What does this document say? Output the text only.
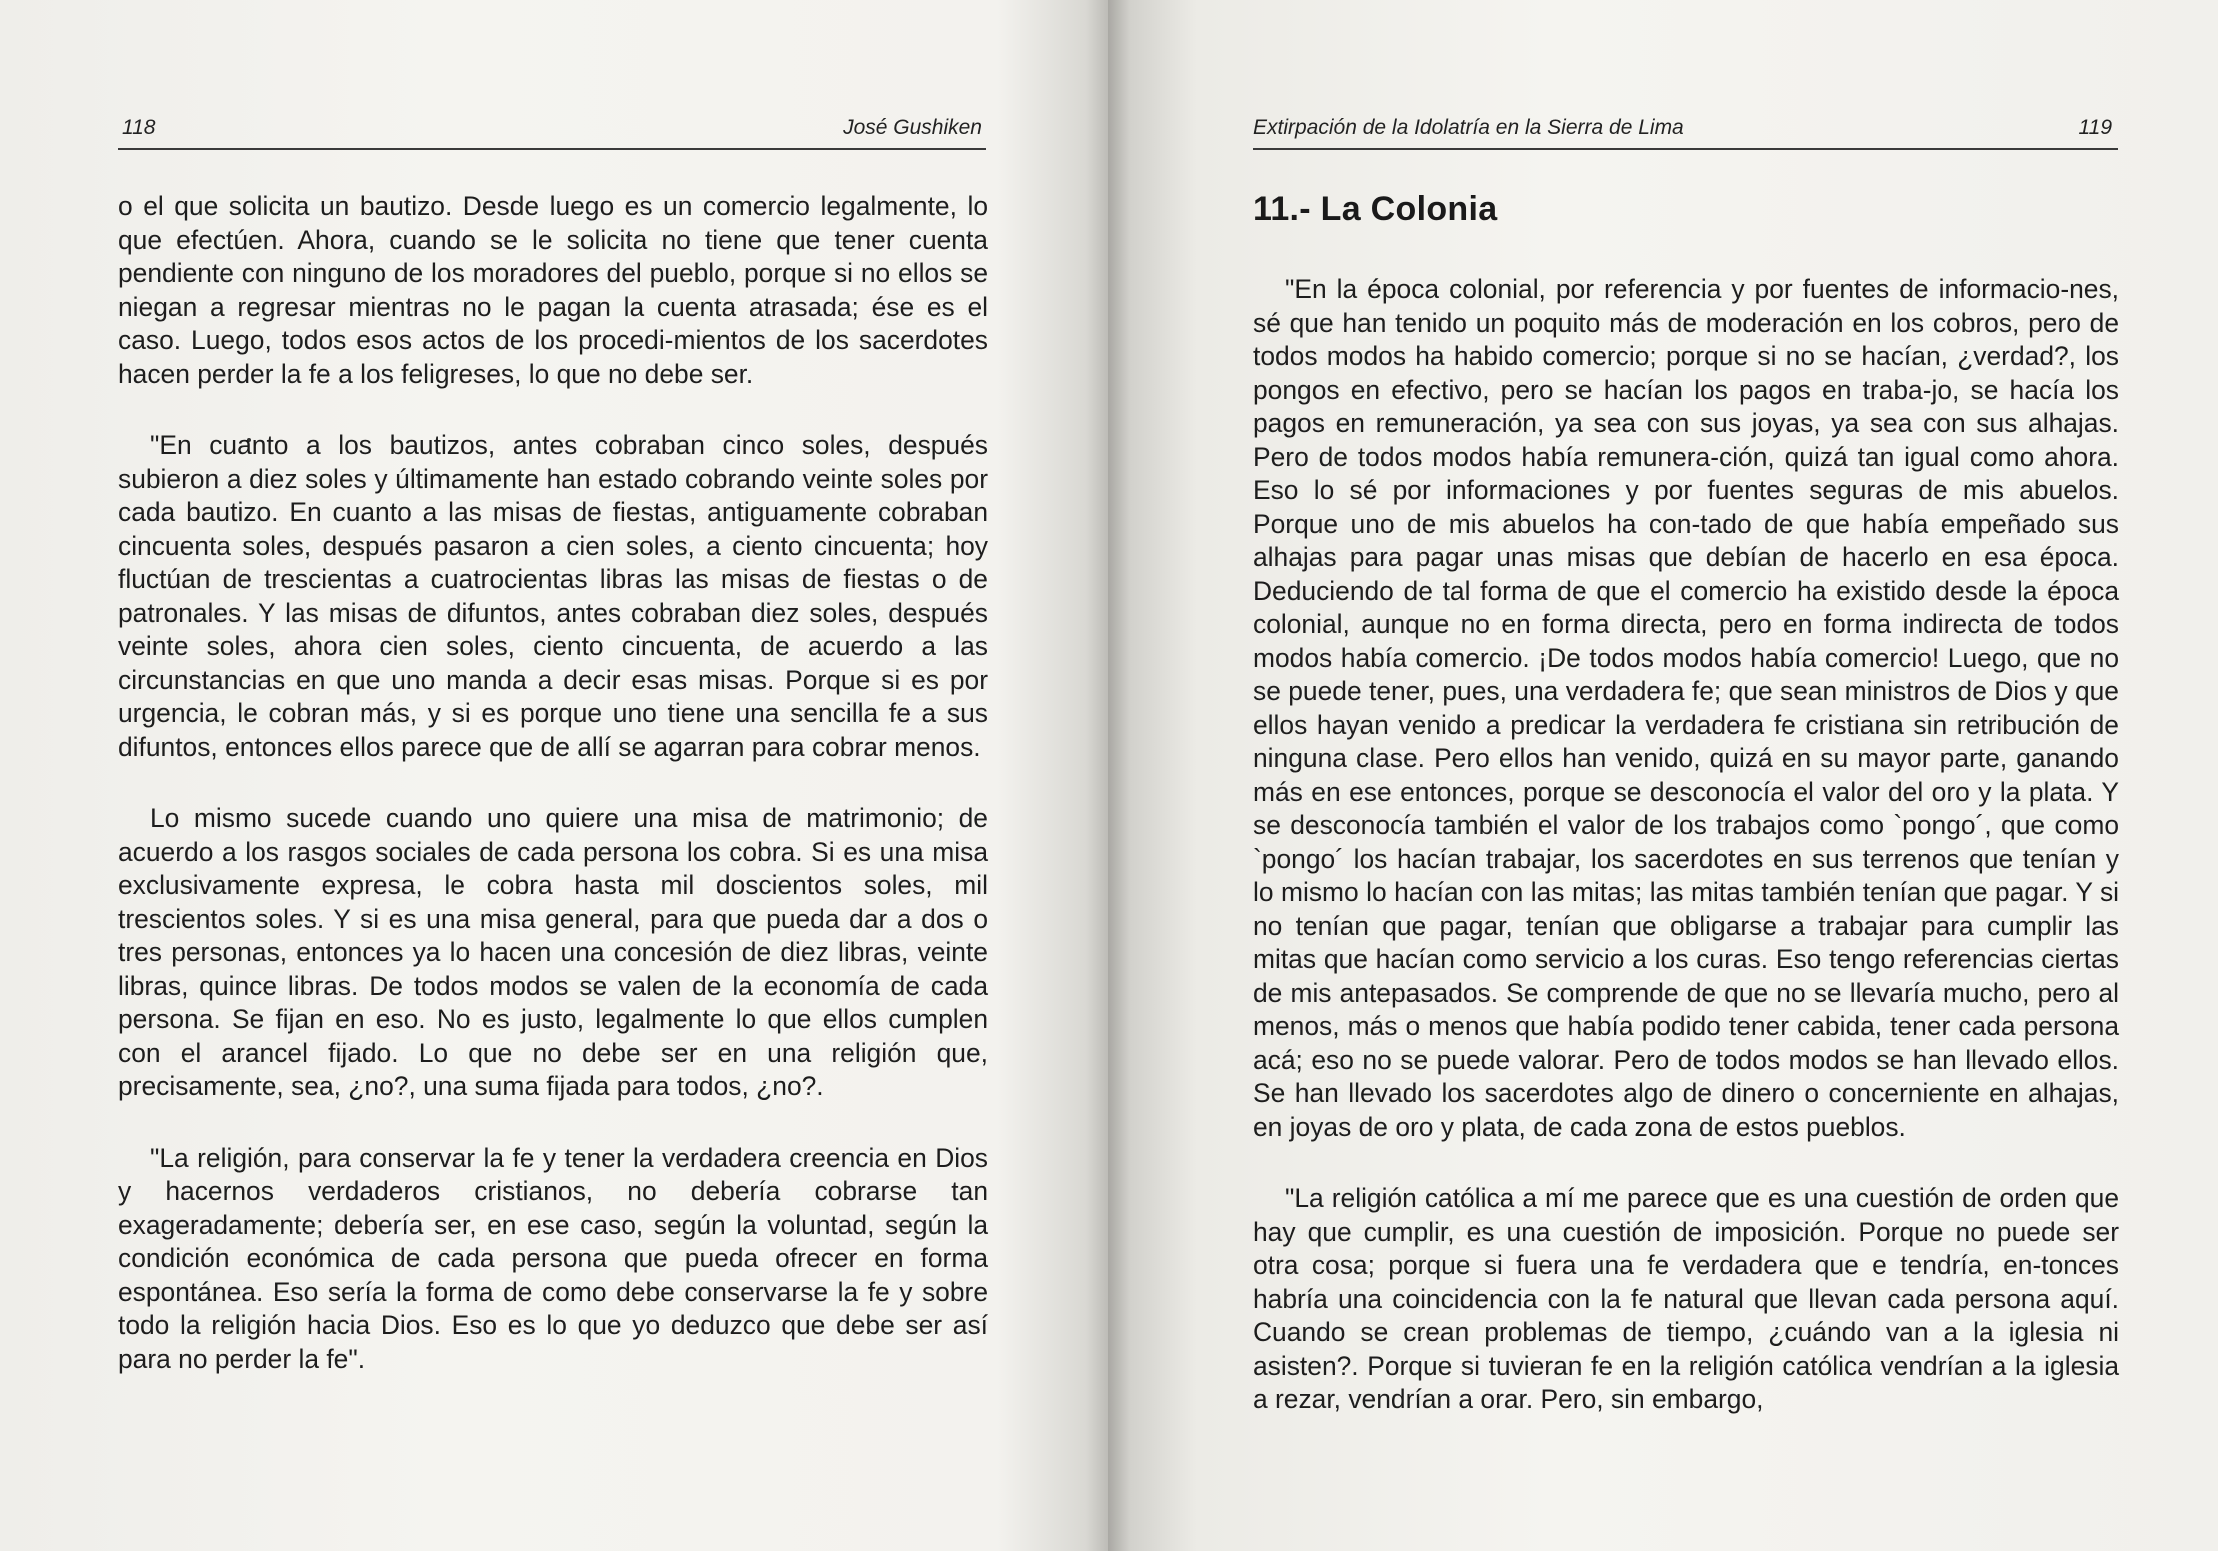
118	José Gushiken

o el que solicita un bautizo. Desde luego es un comercio legalmente, lo que efectúen. Ahora, cuando se le solicita no tiene que tener cuenta pendiente con ninguno de los moradores del pueblo, porque si no ellos se niegan a regresar mientras no le pagan la cuenta atrasada; ése es el caso. Luego, todos esos actos de los procedi-mientos de los sacerdotes hacen perder la fe a los feligreses, lo que no debe ser.

"En cuanto a los bautizos, antes cobraban cinco soles, después subieron a diez soles y últimamente han estado cobrando veinte soles por cada bautizo. En cuanto a las misas de fiestas, antiguamente cobraban cincuenta soles, después pasaron a cien soles, a ciento cincuenta; hoy fluctúan de trescientas a cuatrocientas libras las misas de fiestas o de patronales. Y las misas de difuntos, antes cobraban diez soles, después veinte soles, ahora cien soles, ciento cincuenta, de acuerdo a las circunstancias en que uno manda a decir esas misas. Porque si es por urgencia, le cobran más, y si es porque uno tiene una sencilla fe a sus difuntos, entonces ellos parece que de allí se agarran para cobrar menos.

Lo mismo sucede cuando uno quiere una misa de matrimonio; de acuerdo a los rasgos sociales de cada persona los cobra. Si es una misa exclusivamente expresa, le cobra hasta mil doscientos soles, mil trescientos soles. Y si es una misa general, para que pueda dar a dos o tres personas, entonces ya lo hacen una concesión de diez libras, veinte libras, quince libras. De todos modos se valen de la economía de cada persona. Se fijan en eso. No es justo, legalmente lo que ellos cumplen con el arancel fijado. Lo que no debe ser en una religión que, precisamente, sea, ¿no?, una suma fijada para todos, ¿no?.

"La religión, para conservar la fe y tener la verdadera creencia en Dios y hacernos verdaderos cristianos, no debería cobrarse tan exageradamente; debería ser, en ese caso, según la voluntad, según la condición económica de cada persona que pueda ofrecer en forma espontánea. Eso sería la forma de como debe conservarse la fe y sobre todo la religión hacia Dios. Eso es lo que yo deduzco que debe ser así para no perder la fe".

Extirpación de la Idolatría en la Sierra de Lima	119
11.- La Colonia

"En la época colonial, por referencia y por fuentes de informacio-nes, sé que han tenido un poquito más de moderación en los cobros, pero de todos modos ha habido comercio; porque si no se hacían, ¿verdad?, los pongos en efectivo, pero se hacían los pagos en traba-jo, se hacía los pagos en remuneración, ya sea con sus joyas, ya sea con sus alhajas. Pero de todos modos había remunera-ción, quizá tan igual como ahora. Eso lo sé por informaciones y por fuentes seguras de mis abuelos. Porque uno de mis abuelos ha con-tado de que había empeñado sus alhajas para pagar unas misas que debían de hacerlo en esa época. Deduciendo de tal forma de que el comercio ha existido desde la época colonial, aunque no en forma directa, pero en forma indirecta de todos modos había comercio. ¡De todos modos había comercio! Luego, que no se puede tener, pues, una verdadera fe; que sean ministros de Dios y que ellos hayan venido a predicar la verdadera fe cristiana sin retribución de ninguna clase. Pero ellos han venido, quizá en su mayor parte, ganando más en ese entonces, porque se desconocía el valor del oro y la plata. Y se desconocía también el valor de los trabajos como `pongo´, que como `pongo´ los hacían trabajar, los sacerdotes en sus terrenos que tenían y lo mismo lo hacían con las mitas; las mitas también tenían que pagar. Y si no tenían que pagar, tenían que obligarse a trabajar para cumplir las mitas que hacían como servicio a los curas. Eso tengo referencias ciertas de mis antepasados. Se comprende de que no se llevaría mucho, pero al menos, más o menos que había podido tener cabida, tener cada persona acá; eso no se puede valorar. Pero de todos modos se han llevado ellos. Se han llevado los sacerdotes algo de dinero o concerniente en alhajas, en joyas de oro y plata, de cada zona de estos pueblos.

"La religión católica a mí me parece que es una cuestión de orden que hay que cumplir, es una cuestión de imposición. Porque no puede ser otra cosa; porque si fuera una fe verdadera que e tendría, en-tonces habría una coincidencia con la fe natural que llevan cada persona aquí. Cuando se crean problemas de tiempo, ¿cuándo van a la iglesia ni asisten?. Porque si tuvieran fe en la religión católica vendrían a la iglesia a rezar, vendrían a orar. Pero, sin embargo,
